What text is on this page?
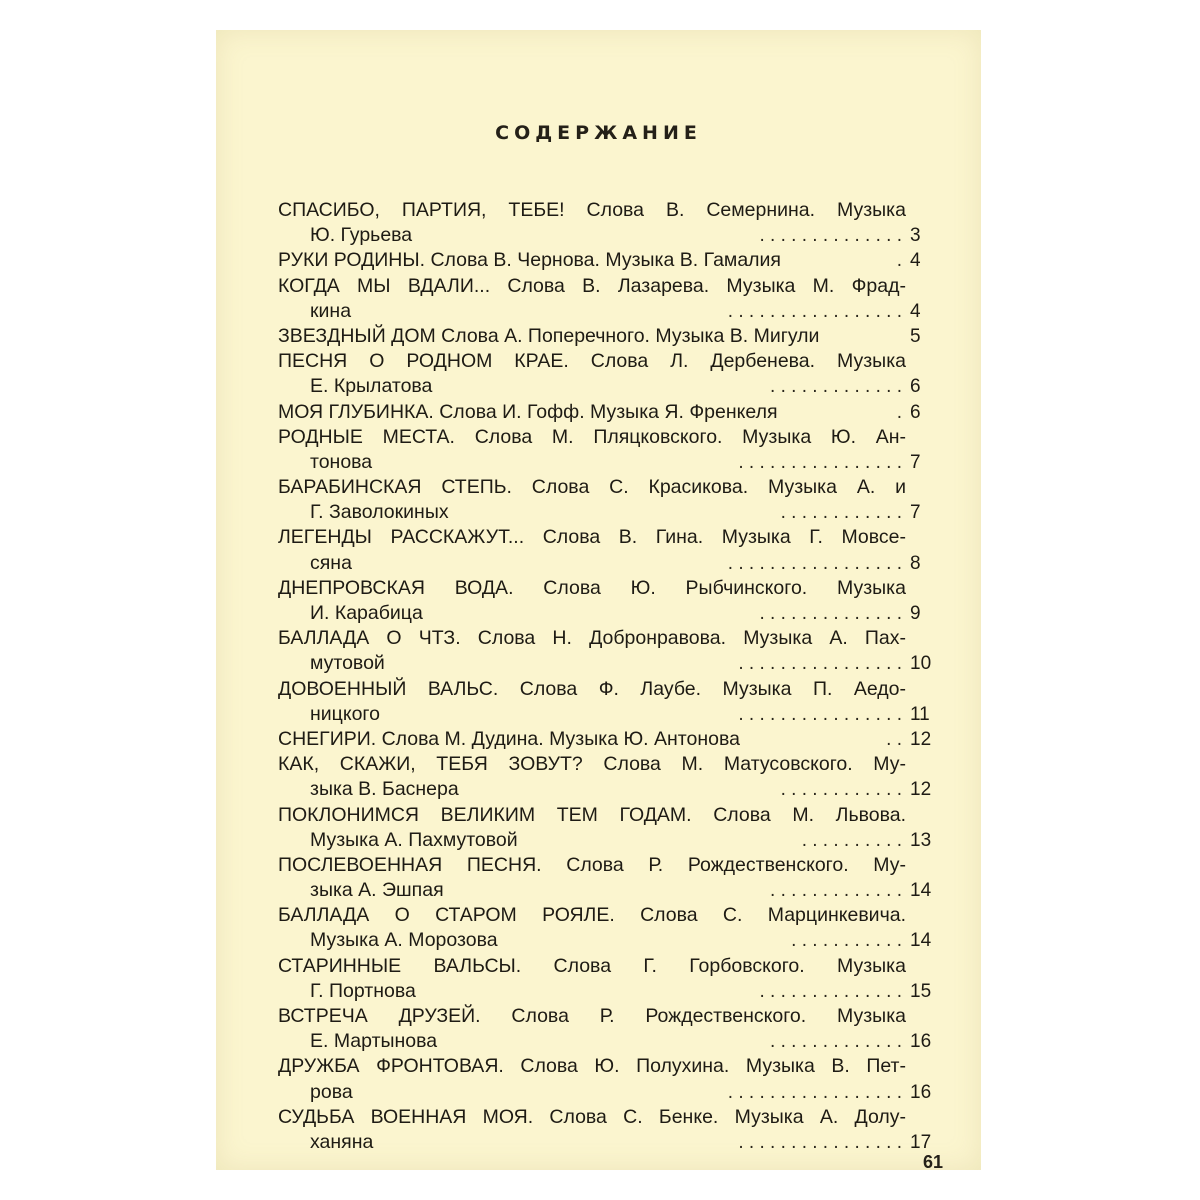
СОДЕРЖАНИЕ
СПАСИБО, ПАРТИЯ, ТЕБЕ! Слова В. Семернина. Музыка
Ю. Гурьева	. . . . . . . . . . . . . . 3
РУКИ РОДИНЫ. Слова В. Чернова. Музыка В. Гамалия	. 4
КОГДА МЫ ВДАЛИ... Слова В. Лазарева. Музыка М. Фрад-
кина	. . . . . . . . . . . . . . . . . 4
ЗВЕЗДНЫЙ ДОМ Слова А. Поперечного. Музыка В. Мигули	5
ПЕСНЯ О РОДНОМ КРАЕ. Слова Л. Дербенева. Музыка
Е. Крылатова	. . . . . . . . . . . . . 6
МОЯ ГЛУБИНКА. Слова И. Гофф. Музыка Я. Френкеля	. 6
РОДНЫЕ МЕСТА. Слова М. Пляцковского. Музыка Ю. Ан-
тонова	. . . . . . . . . . . . . . . . 7
БАРАБИНСКАЯ СТЕПЬ. Слова С. Красикова. Музыка А. и
Г. Заволокиных	. . . . . . . . . . . . 7
ЛЕГЕНДЫ РАССКАЖУТ... Слова В. Гина. Музыка Г. Мовсе-
сяна	. . . . . . . . . . . . . . . . . 8
ДНЕПРОВСКАЯ ВОДА. Слова Ю. Рыбчинского. Музыка
И. Карабица	. . . . . . . . . . . . . . 9
БАЛЛАДА О ЧТЗ. Слова Н. Добронравова. Музыка А. Пах-
мутовой	. . . . . . . . . . . . . . . . 10
ДОВОЕННЫЙ ВАЛЬС. Слова Ф. Лаубе. Музыка П. Аедо-
ницкого	. . . . . . . . . . . . . . . . 11
СНЕГИРИ. Слова М. Дудина. Музыка Ю. Антонова	. . 12
КАК, СКАЖИ, ТЕБЯ ЗОВУТ? Слова М. Матусовского. Му-
зыка В. Баснера	. . . . . . . . . . . . 12
ПОКЛОНИМСЯ ВЕЛИКИМ ТЕМ ГОДАМ. Слова М. Львова.
Музыка А. Пахмутовой	. . . . . . . . . . 13
ПОСЛЕВОЕННАЯ ПЕСНЯ. Слова Р. Рождественского. Му-
зыка А. Эшпая	. . . . . . . . . . . . . 14
БАЛЛАДА О СТАРОМ РОЯЛЕ. Слова С. Марцинкевича.
Музыка А. Морозова	. . . . . . . . . . . 14
СТАРИННЫЕ ВАЛЬСЫ. Слова Г. Горбовского. Музыка
Г. Портнова	. . . . . . . . . . . . . . 15
ВСТРЕЧА ДРУЗЕЙ. Слова Р. Рождественского. Музыка
Е. Мартынова	. . . . . . . . . . . . . 16
ДРУЖБА ФРОНТОВАЯ. Слова Ю. Полухина. Музыка В. Пет-
рова	. . . . . . . . . . . . . . . . . 16
СУДЬБА ВОЕННАЯ МОЯ. Слова С. Бенке. Музыка А. Долу-
ханяна	. . . . . . . . . . . . . . . . 17
61
